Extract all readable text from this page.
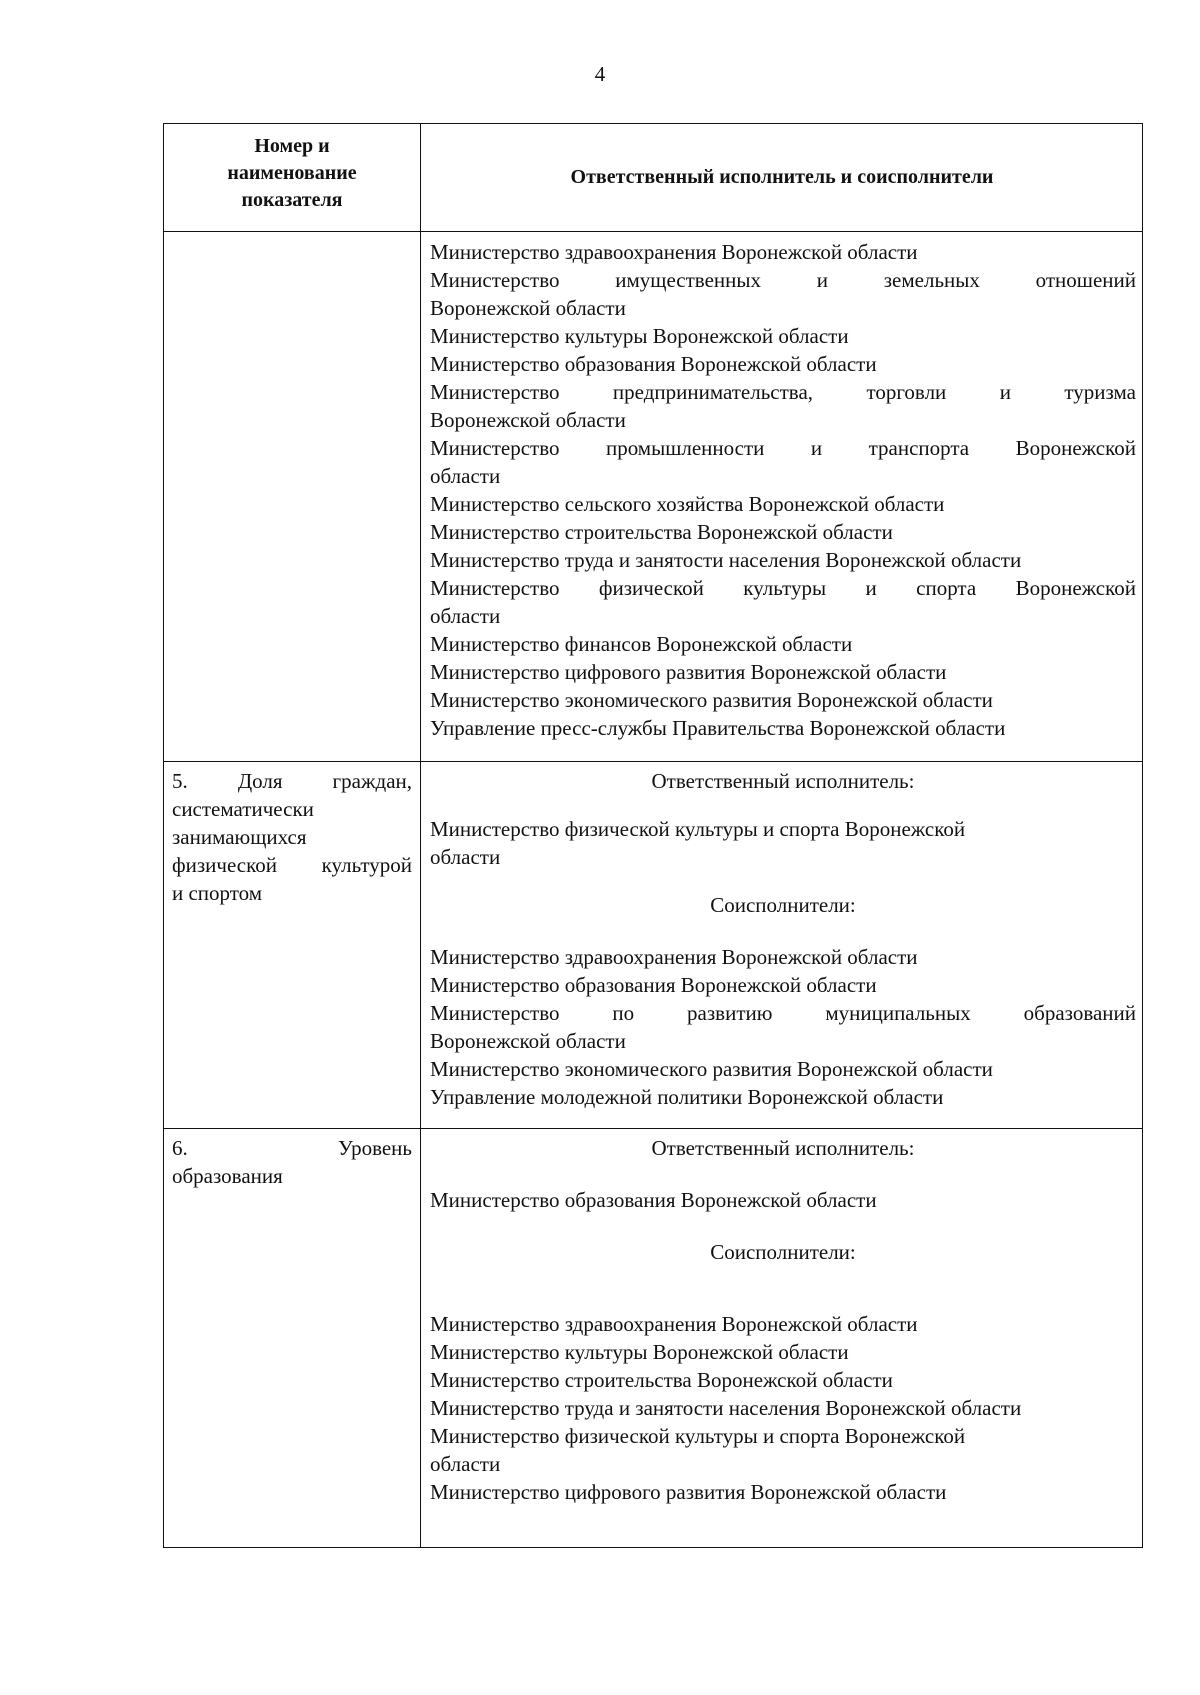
4
Номер и
наименование
показателя
Ответственный исполнитель и соисполнители
Министерство здравоохранения Воронежской области
Министерство имущественных и земельных отношений
Воронежской области
Министерство культуры Воронежской области
Министерство образования Воронежской области
Министерство предпринимательства, торговли и туризма
Воронежской области
Министерство промышленности и транспорта Воронежской
области
Министерство сельского хозяйства Воронежской области
Министерство строительства Воронежской области
Министерство труда и занятости населения Воронежской области
Министерство физической культуры и спорта Воронежской
области
Министерство финансов Воронежской области
Министерство цифрового развития Воронежской области
Министерство экономического развития Воронежской области
Управление пресс-службы Правительства Воронежской области
5. Доля граждан,
систематически
занимающихся
физической культурой
и спортом
Ответственный исполнитель:
Министерство физической культуры и спорта Воронежской
области
Соисполнители:
Министерство здравоохранения Воронежской области
Министерство образования Воронежской области
Министерство по развитию муниципальных образований
Воронежской области
Министерство экономического развития Воронежской области
Управление молодежной политики Воронежской области
6. Уровень
образования
Ответственный исполнитель:
Министерство образования Воронежской области
Соисполнители:
Министерство здравоохранения Воронежской области
Министерство культуры Воронежской области
Министерство строительства Воронежской области
Министерство труда и занятости населения Воронежской области
Министерство физической культуры и спорта Воронежской
области
Министерство цифрового развития Воронежской области
